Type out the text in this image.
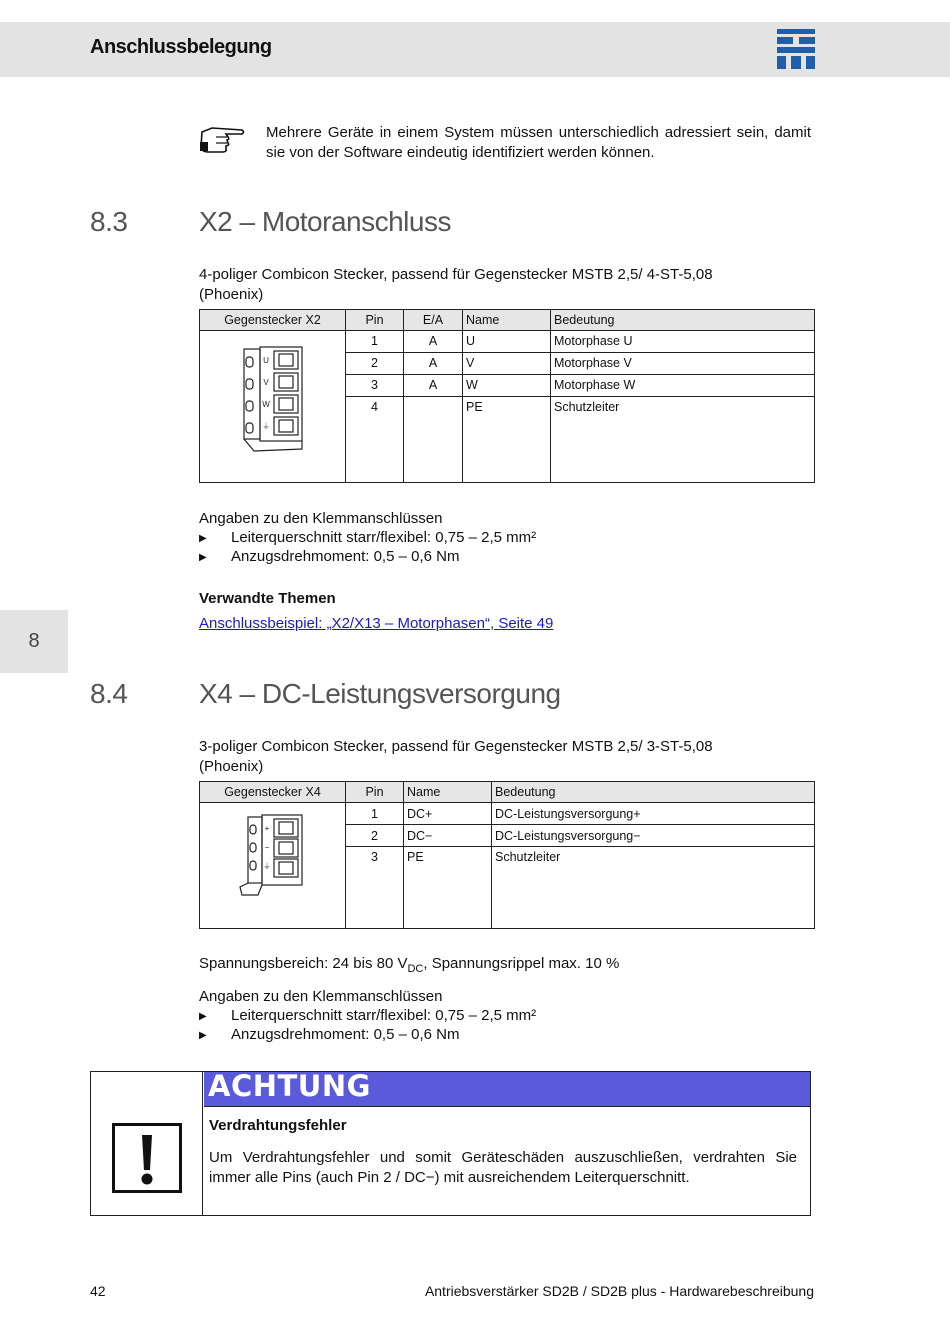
Anschlussbelegung
Mehrere Geräte in einem System müssen unterschiedlich adressiert sein, damit sie von der Software eindeutig identifiziert werden können.
8
8.3	X2 – Motoranschluss
4-poliger Combicon Stecker, passend für Gegenstecker MSTB 2,5/ 4-ST-5,08
(Phoenix)
Gegenstecker X2	Pin	E/A	Name	Bedeutung

U
V
W
⏚	1	A	U	Motorphase U
	2	A	V	Motorphase V
	3	A	W	Motorphase W
	4		PE	Schutzleiter
Angaben zu den Klemmanschlüssen
▶ Leiterquerschnitt starr/flexibel: 0,75 – 2,5 mm²
▶ Anzugsdrehmoment: 0,5 – 0,6 Nm
Verwandte Themen
Anschlussbeispiel: „X2/X13 – Motorphasen“, Seite 49
8.4	X4 – DC-Leistungsversorgung
3-poliger Combicon Stecker, passend für Gegenstecker MSTB 2,5/ 3-ST-5,08
(Phoenix)
Gegenstecker X4	Pin	Name	Bedeutung

+
−
⏚	1	DC+	DC-Leistungsversorgung+
	2	DC−	DC-Leistungsversorgung−
	3	PE	Schutzleiter
Spannungsbereich: 24 bis 80 $V_{DC}$, Spannungsrippel max. 10 %
Angaben zu den Klemmanschlüssen
▶ Leiterquerschnitt starr/flexibel: 0,75 – 2,5 mm²
▶ Anzugsdrehmoment: 0,5 – 0,6 Nm
ACHTUNG
Verdrahtungsfehler
Um Verdrahtungsfehler und somit Geräteschäden auszuschließen, verdrahten Sie immer alle Pins (auch Pin 2 / DC−) mit ausreichendem Leiterquerschnitt.
42	Antriebsverstärker SD2B / SD2B plus - Hardwarebeschreibung
